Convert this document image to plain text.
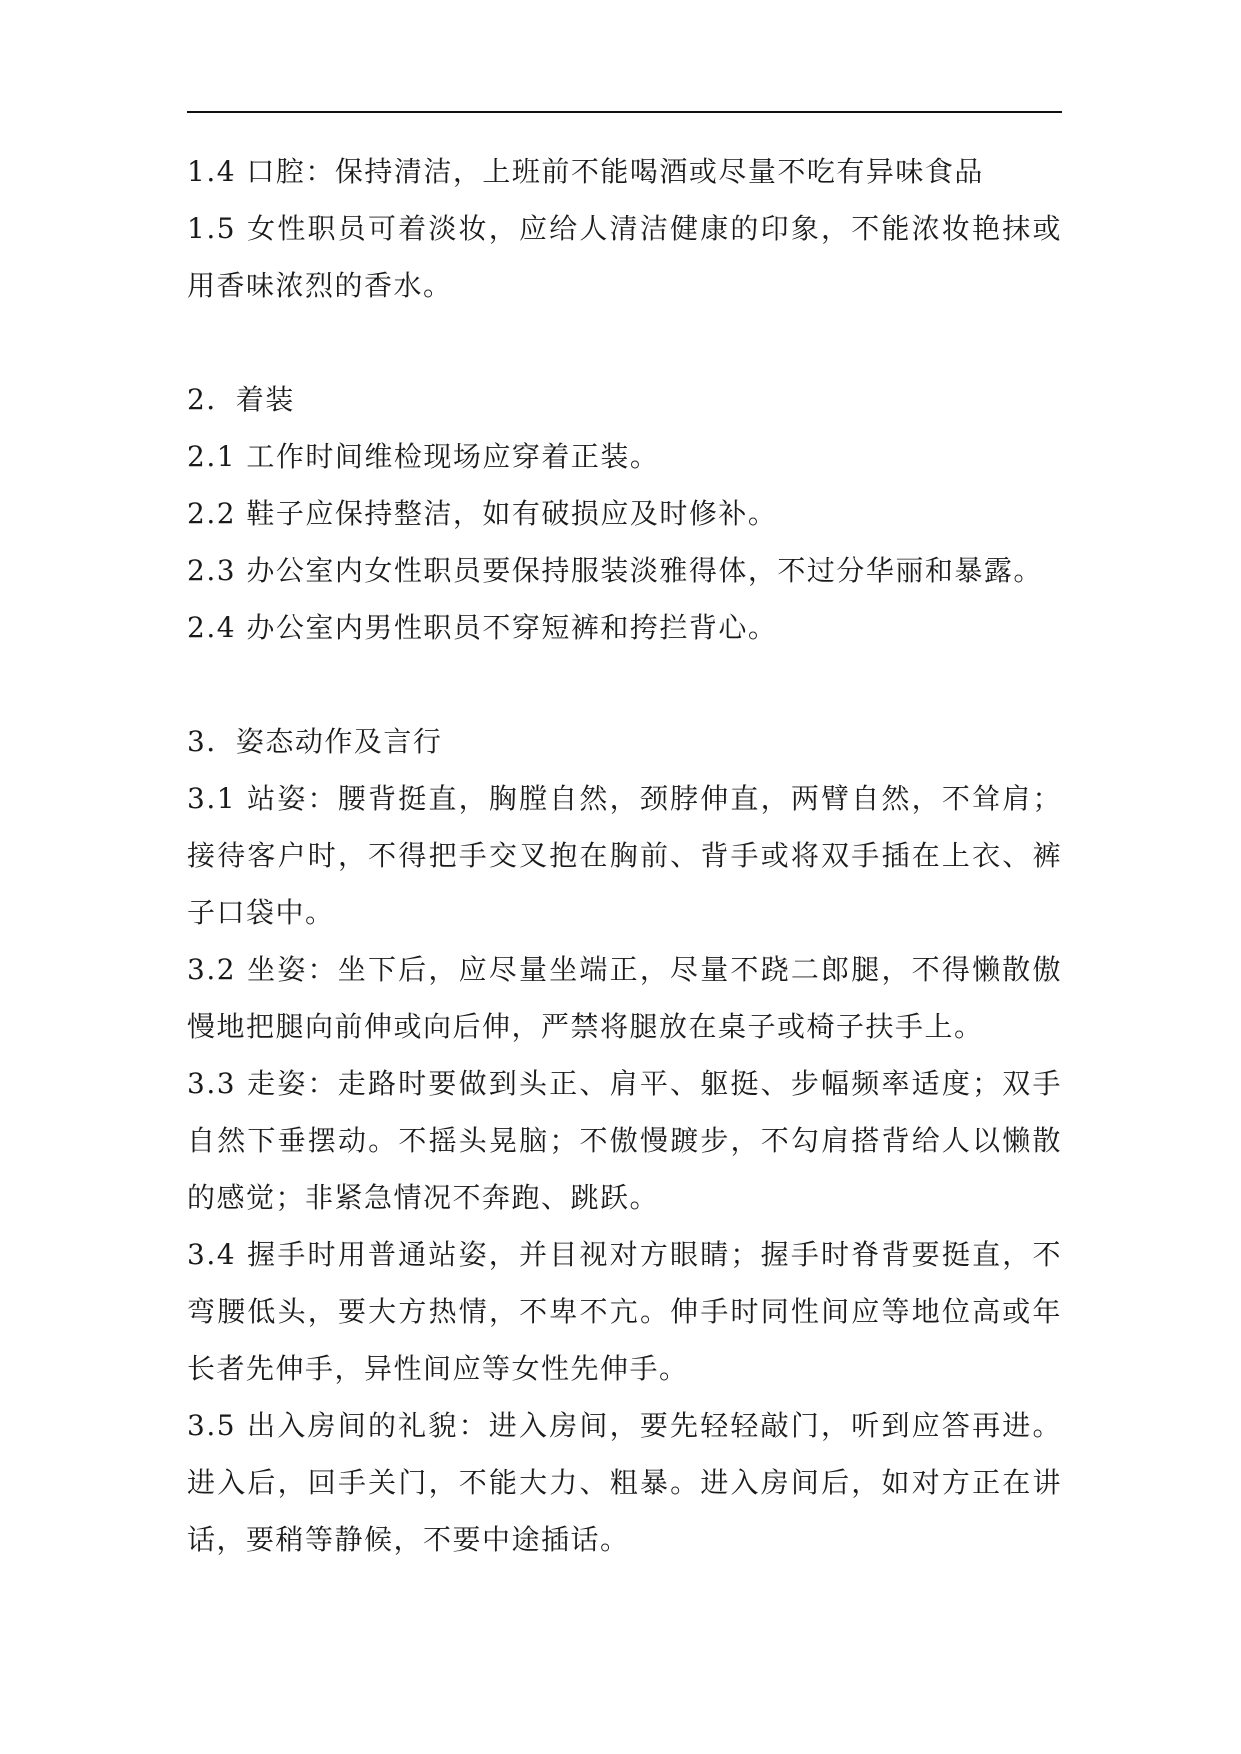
1.4 口腔：保持清洁，上班前不能喝酒或尽量不吃有异味食品

1.5 女性职员可着淡妆，应给人清洁健康的印象，不能浓妆艳抹或用香味浓烈的香水。

2．着装

2.1 工作时间维检现场应穿着正装。

2.2 鞋子应保持整洁，如有破损应及时修补。

2.3 办公室内女性职员要保持服装淡雅得体，不过分华丽和暴露。

2.4 办公室内男性职员不穿短裤和挎拦背心。

3．姿态动作及言行

3.1 站姿：腰背挺直，胸膛自然，颈脖伸直，两臂自然，不耸肩；接待客户时，不得把手交叉抱在胸前、背手或将双手插在上衣、裤子口袋中。

3.2 坐姿：坐下后，应尽量坐端正，尽量不跷二郎腿，不得懒散傲慢地把腿向前伸或向后伸，严禁将腿放在桌子或椅子扶手上。

3.3 走姿：走路时要做到头正、肩平、躯挺、步幅频率适度；双手自然下垂摆动。不摇头晃脑；不傲慢踱步，不勾肩搭背给人以懒散的感觉；非紧急情况不奔跑、跳跃。

3.4 握手时用普通站姿，并目视对方眼睛；握手时脊背要挺直，不弯腰低头，要大方热情，不卑不亢。伸手时同性间应等地位高或年长者先伸手，异性间应等女性先伸手。

3.5 出入房间的礼貌：进入房间，要先轻轻敲门，听到应答再进。进入后，回手关门，不能大力、粗暴。进入房间后，如对方正在讲话，要稍等静候，不要中途插话。
